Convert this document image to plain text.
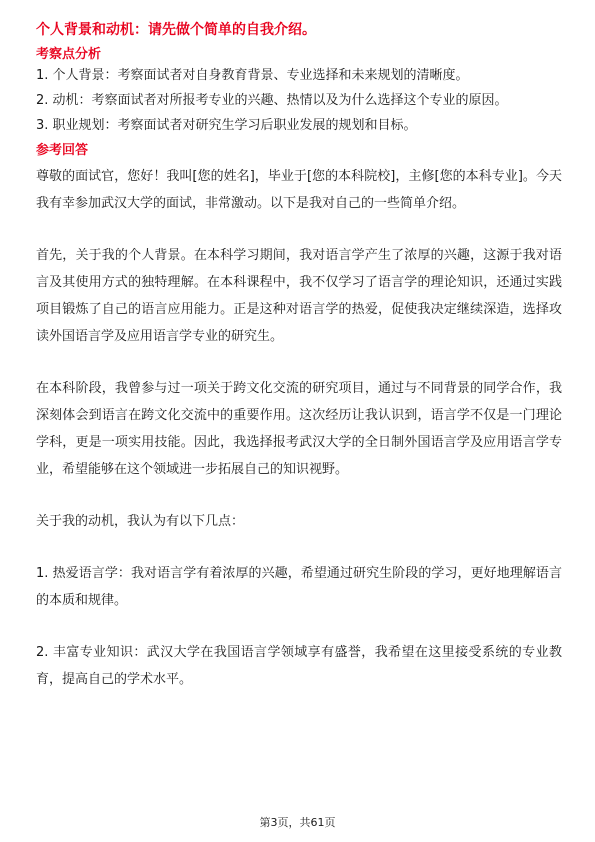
个人背景和动机：请先做个简单的自我介绍。
考察点分析
1. 个人背景：考察面试者对自身教育背景、专业选择和未来规划的清晰度。
2. 动机：考察面试者对所报考专业的兴趣、热情以及为什么选择这个专业的原因。
3. 职业规划：考察面试者对研究生学习后职业发展的规划和目标。
参考回答
尊敬的面试官，您好！我叫[您的姓名]，毕业于[您的本科院校]，主修[您的本科专业]。今天我有幸参加武汉大学的面试，非常激动。以下是我对自己的一些简单介绍。
首先，关于我的个人背景。在本科学习期间，我对语言学产生了浓厚的兴趣，这源于我对语言及其使用方式的独特理解。在本科课程中，我不仅学习了语言学的理论知识，还通过实践项目锻炼了自己的语言应用能力。正是这种对语言学的热爱，促使我决定继续深造，选择攻读外国语言学及应用语言学专业的研究生。
在本科阶段，我曾参与过一项关于跨文化交流的研究项目，通过与不同背景的同学合作，我深刻体会到语言在跨文化交流中的重要作用。这次经历让我认识到，语言学不仅是一门理论学科，更是一项实用技能。因此，我选择报考武汉大学的全日制外国语言学及应用语言学专业，希望能够在这个领域进一步拓展自己的知识视野。
关于我的动机，我认为有以下几点：
1. 热爱语言学：我对语言学有着浓厚的兴趣，希望通过研究生阶段的学习，更好地理解语言的本质和规律。
2. 丰富专业知识：武汉大学在我国语言学领域享有盛誉，我希望在这里接受系统的专业教育，提高自己的学术水平。
第3页，共61页
